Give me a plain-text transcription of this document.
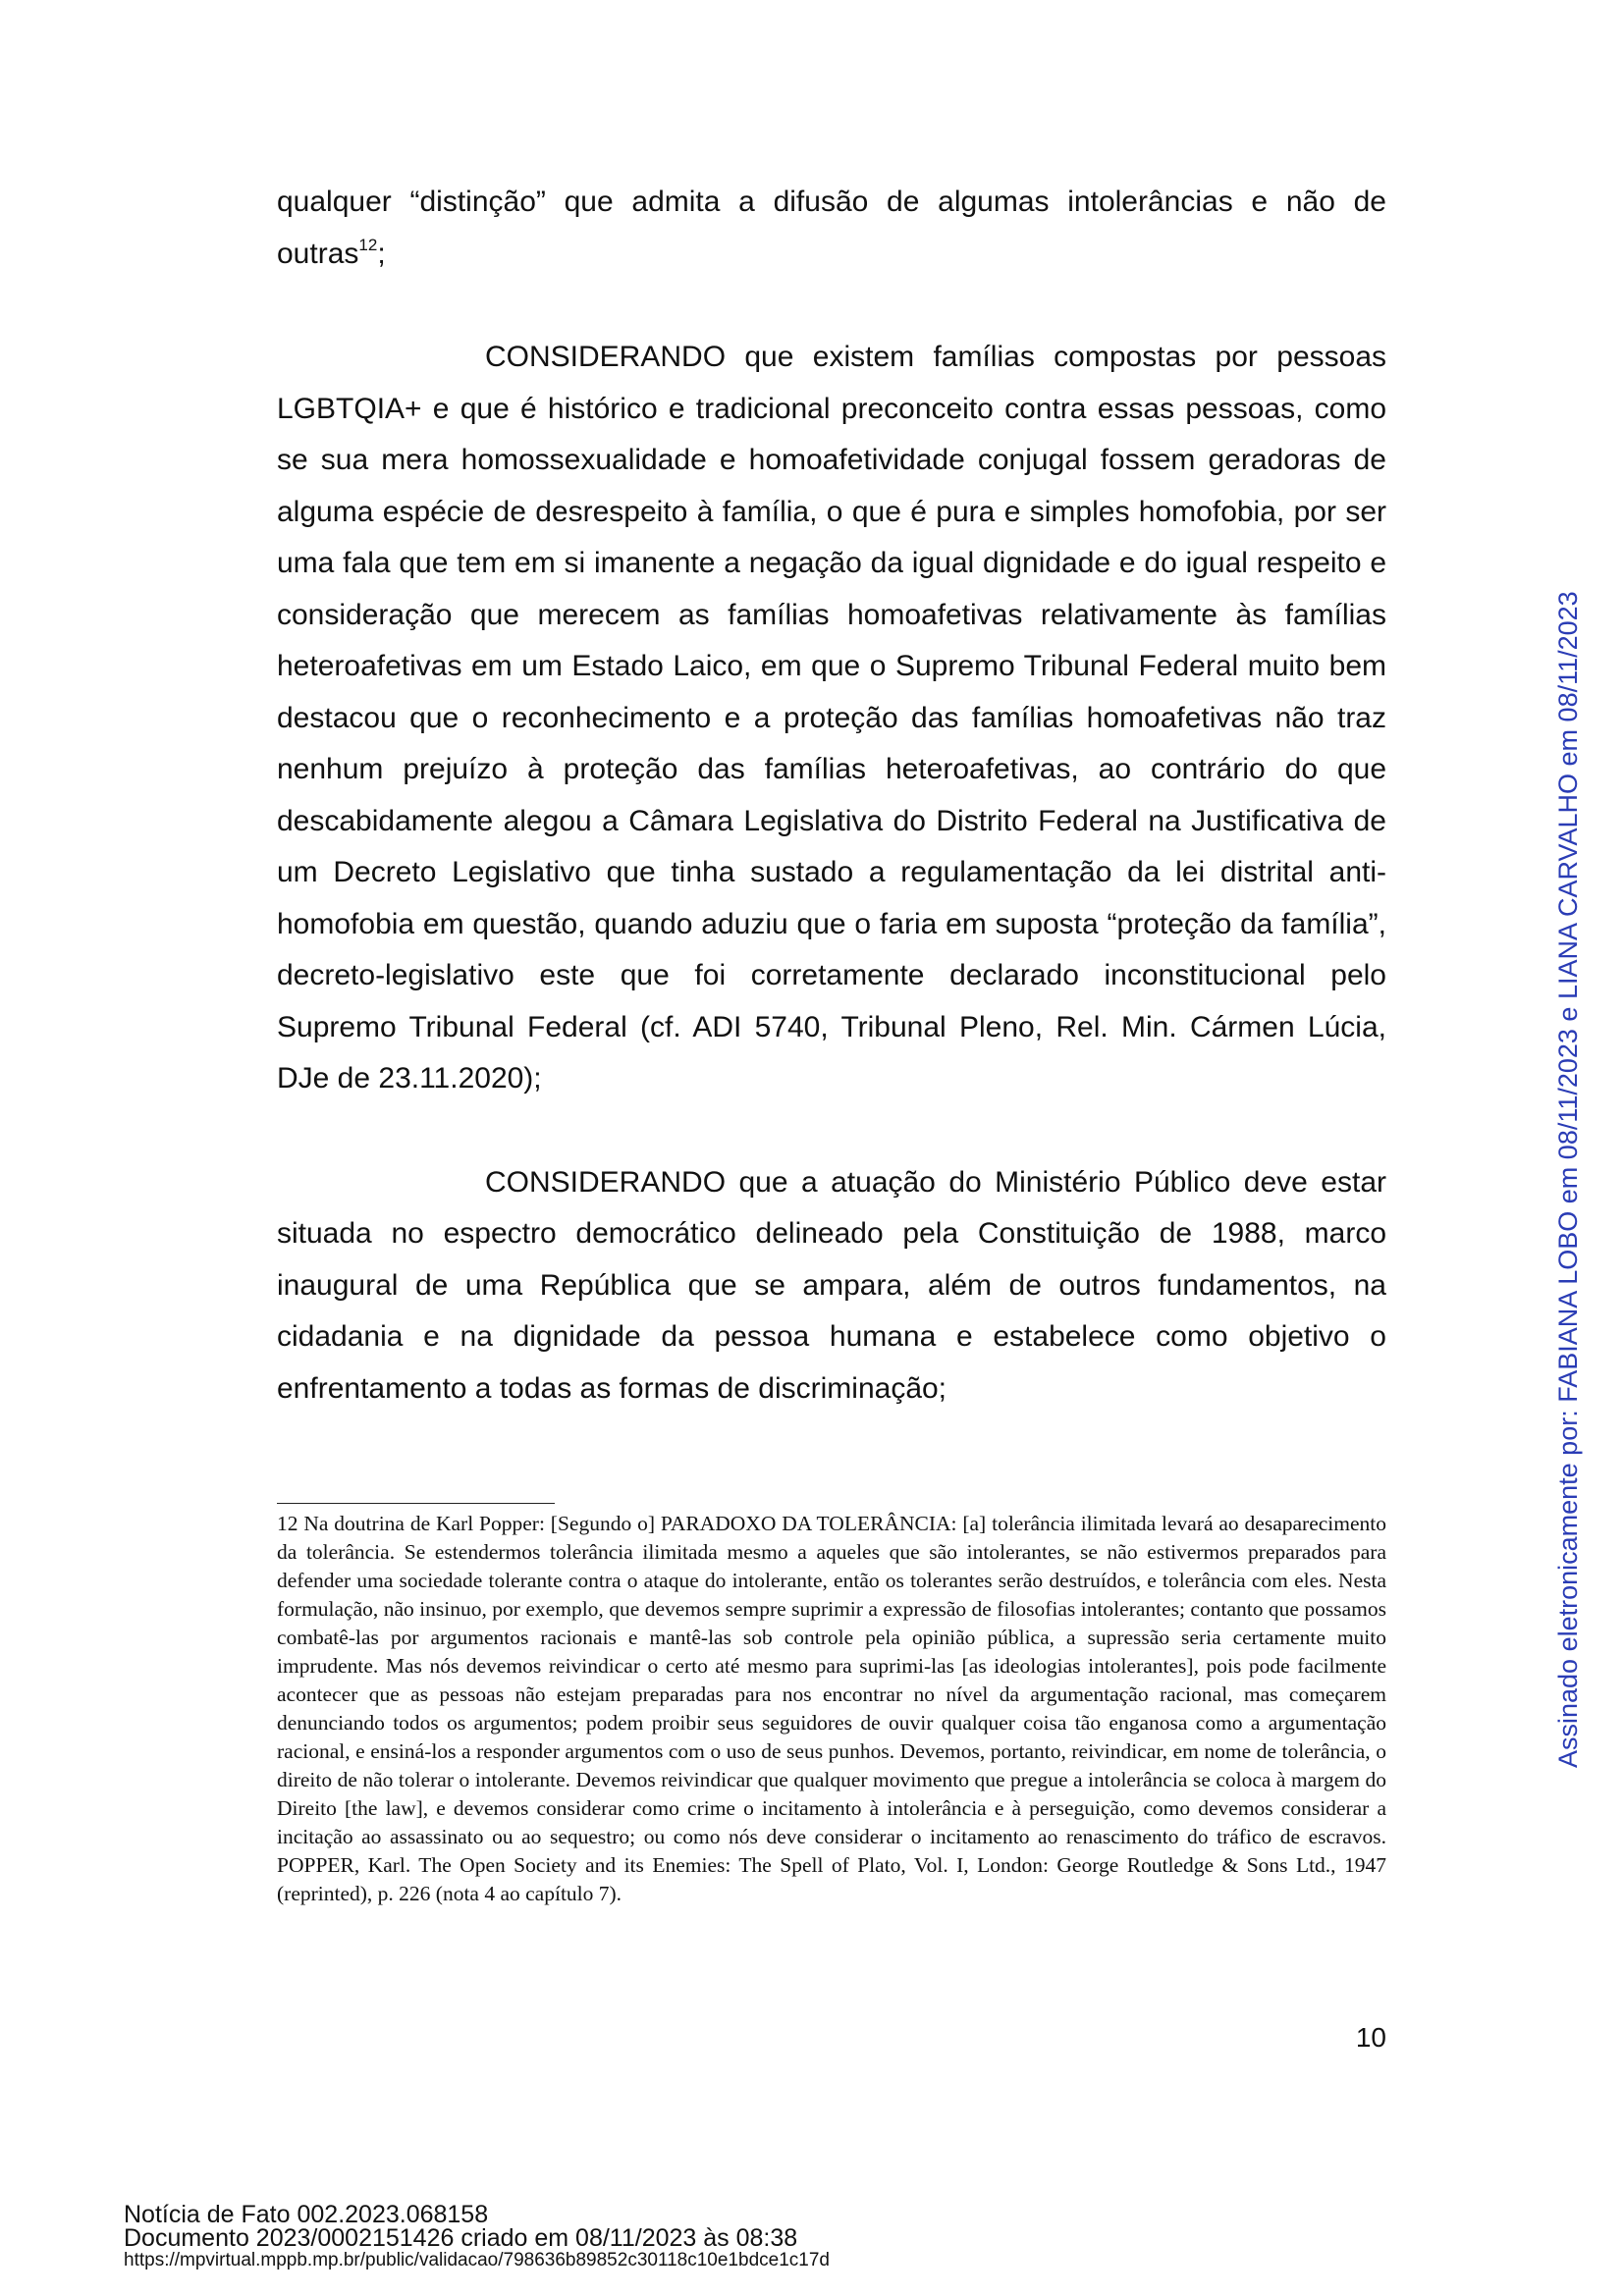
qualquer “distinção” que admita a difusão de algumas intolerâncias e não de outras$^{12}$;

CONSIDERANDO que existem famílias compostas por pessoas LGBTQIA+ e que é histórico e tradicional preconceito contra essas pessoas, como se sua mera homossexualidade e homoafetividade conjugal fossem geradoras de alguma espécie de desrespeito à família, o que é pura e simples homofobia, por ser uma fala que tem em si imanente a negação da igual dignidade e do igual respeito e consideração que merecem as famílias homoafetivas relativamente às famílias heteroafetivas em um Estado Laico, em que o Supremo Tribunal Federal muito bem destacou que o reconhecimento e a proteção das famílias homoafetivas não traz nenhum prejuízo à proteção das famílias heteroafetivas, ao contrário do que descabidamente alegou a Câmara Legislativa do Distrito Federal na Justificativa de um Decreto Legislativo que tinha sustado a regulamentação da lei distrital anti-homofobia em questão, quando aduziu que o faria em suposta “proteção da família”, decreto-legislativo este que foi corretamente declarado inconstitucional pelo Supremo Tribunal Federal (cf. ADI 5740, Tribunal Pleno, Rel. Min. Cármen Lúcia, DJe de 23.11.2020);

CONSIDERANDO que a atuação do Ministério Público deve estar situada no espectro democrático delineado pela Constituição de 1988, marco inaugural de uma República que se ampara, além de outros fundamentos, na cidadania e na dignidade da pessoa humana e estabelece como objetivo o enfrentamento a todas as formas de discriminação;

12 Na doutrina de Karl Popper: [Segundo o] PARADOXO DA TOLERÂNCIA: [a] tolerância ilimitada levará ao desaparecimento da tolerância. Se estendermos tolerância ilimitada mesmo a aqueles que são intolerantes, se não estivermos preparados para defender uma sociedade tolerante contra o ataque do intolerante, então os tolerantes serão destruídos, e tolerância com eles. Nesta formulação, não insinuo, por exemplo, que devemos sempre suprimir a expressão de filosofias intolerantes; contanto que possamos combatê-las por argumentos racionais e mantê-las sob controle pela opinião pública, a supressão seria certamente muito imprudente. Mas nós devemos reivindicar o certo até mesmo para suprimi-las [as ideologias intolerantes], pois pode facilmente acontecer que as pessoas não estejam preparadas para nos encontrar no nível da argumentação racional, mas começarem denunciando todos os argumentos; podem proibir seus seguidores de ouvir qualquer coisa tão enganosa como a argumentação racional, e ensiná-los a responder argumentos com o uso de seus punhos. Devemos, portanto, reivindicar, em nome de tolerância, o direito de não tolerar o intolerante. Devemos reivindicar que qualquer movimento que pregue a intolerância se coloca à margem do Direito [the law], e devemos considerar como crime o incitamento à intolerância e à perseguição, como devemos considerar a incitação ao assassinato ou ao sequestro; ou como nós deve considerar o incitamento ao renascimento do tráfico de escravos. POPPER, Karl. The Open Society and its Enemies: The Spell of Plato, Vol. I, London: George Routledge & Sons Ltd., 1947 (reprinted), p. 226 (nota 4 ao capítulo 7).

10
Assinado eletronicamente por: FABIANA LOBO em 08/11/2023 e LIANA CARVALHO em 08/11/2023
Notícia de Fato 002.2023.068158
Documento 2023/0002151426 criado em 08/11/2023 às 08:38
https://mpvirtual.mppb.mp.br/public/validacao/798636b89852c30118c10e1bdce1c17d
